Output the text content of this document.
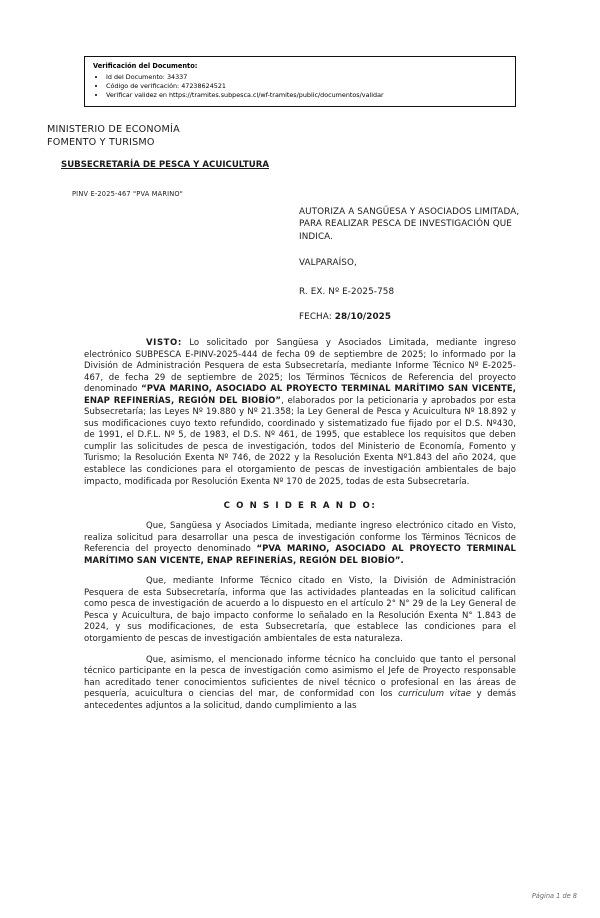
Verificación del Documento:
• Id del Documento: 34337
• Código de verificación: 47238624521
• Verificar validez en https://tramites.subpesca.cl/wf-tramites/public/documentos/validar
MINISTERIO DE ECONOMÍA
FOMENTO Y TURISMO
SUBSECRETARÍA DE PESCA Y ACUICULTURA
PINV E-2025-467 "PVA MARINO"
AUTORIZA A SANGÜESA Y ASOCIADOS LIMITADA, PARA REALIZAR PESCA DE INVESTIGACIÓN QUE INDICA.
VALPARAÍSO,
R. EX. Nº E-2025-758
FECHA: 28/10/2025

VISTO: Lo solicitado por Sangüesa y Asociados Limitada, mediante ingreso electrónico SUBPESCA E-PINV-2025-444 de fecha 09 de septiembre de 2025; lo informado por la División de Administración Pesquera de esta Subsecretaría, mediante Informe Técnico Nº E-2025-467, de fecha 29 de septiembre de 2025; los Términos Técnicos de Referencia del proyecto denominado “PVA MARINO, ASOCIADO AL PROYECTO TERMINAL MARÍTIMO SAN VICENTE, ENAP REFINERÍAS, REGIÓN DEL BIOBÍO”, elaborados por la peticionaria y aprobados por esta Subsecretaría; las Leyes Nº 19.880 y Nº 21.358; la Ley General de Pesca y Acuicultura Nº 18.892 y sus modificaciones cuyo texto refundido, coordinado y sistematizado fue fijado por el D.S. Nº430, de 1991, el D.F.L. Nº 5, de 1983, el D.S. Nº 461, de 1995, que establece los requisitos que deben cumplir las solicitudes de pesca de investigación, todos del Ministerio de Economía, Fomento y Turismo; la Resolución Exenta Nº 746, de 2022 y la Resolución Exenta Nº1.843 del año 2024, que establece las condiciones para el otorgamiento de pescas de investigación ambientales de bajo impacto, modificada por Resolución Exenta Nº 170 de 2025, todas de esta Subsecretaría.

C O N S I D E R A N D O:

Que, Sangüesa y Asociados Limitada, mediante ingreso electrónico citado en Visto, realiza solicitud para desarrollar una pesca de investigación conforme los Términos Técnicos de Referencia del proyecto denominado “PVA MARINO, ASOCIADO AL PROYECTO TERMINAL MARÍTIMO SAN VICENTE, ENAP REFINERÍAS, REGIÓN DEL BIOBÍO”.

Que, mediante Informe Técnico citado en Visto, la División de Administración Pesquera de esta Subsecretaría, informa que las actividades planteadas en la solicitud califican como pesca de investigación de acuerdo a lo dispuesto en el artículo 2° N° 29 de la Ley General de Pesca y Acuicultura, de bajo impacto conforme lo señalado en la Resolución Exenta N° 1.843 de 2024, y sus modificaciones, de esta Subsecretaría, que establece las condiciones para el otorgamiento de pescas de investigación ambientales de esta naturaleza.

Que, asimismo, el mencionado informe técnico ha concluido que tanto el personal técnico participante en la pesca de investigación como asimismo el Jefe de Proyecto responsable han acreditado tener conocimientos suficientes de nivel técnico o profesional en las áreas de pesquería, acuicultura o ciencias del mar, de conformidad con los curriculum vitae y demás antecedentes adjuntos a la solicitud, dando cumplimiento a las

Página 1 de 8
